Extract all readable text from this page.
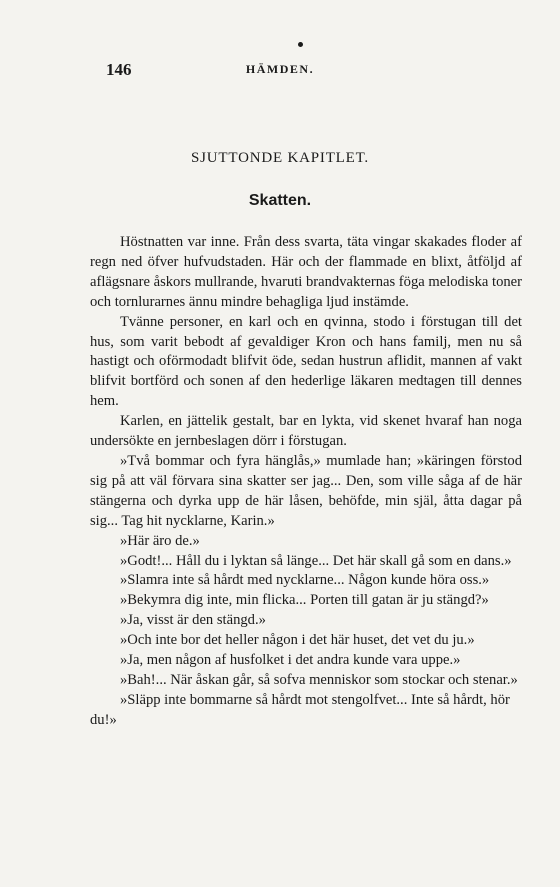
146	HÄMDEN.
SJUTTONDE KAPITLET.
Skatten.

Höstnatten var inne. Från dess svarta, täta vingar skakades floder af regn ned öfver hufvudstaden. Här och der flammade en blixt, åtföljd af aflägsnare åskors mullrande, hvaruti brandvakternas föga melodiska toner och tornlurarnes ännu mindre behagliga ljud instämde.

Tvänne personer, en karl och en qvinna, stodo i förstugan till det hus, som varit bebodt af gevaldiger Kron och hans familj, men nu så hastigt och oförmodadt blifvit öde, sedan hustrun aflidit, mannen af vakt blifvit bortförd och sonen af den hederlige läkaren medtagen till dennes hem.

Karlen, en jättelik gestalt, bar en lykta, vid skenet hvaraf han noga undersökte en jernbeslagen dörr i förstugan.

»Två bommar och fyra hänglås,» mumlade han; »käringen förstod sig på att väl förvara sina skatter ser jag... Den, som ville såga af de här stängerna och dyrka upp de här låsen, behöfde, min själ, åtta dagar på sig... Tag hit nycklarne, Karin.»

»Här äro de.»

»Godt!... Håll du i lyktan så länge... Det här skall gå som en dans.»

»Slamra inte så hårdt med nycklarne... Någon kunde höra oss.»

»Bekymra dig inte, min flicka... Porten till gatan är ju stängd?»

»Ja, visst är den stängd.»

»Och inte bor det heller någon i det här huset, det vet du ju.»

»Ja, men någon af husfolket i det andra kunde vara uppe.»

»Bah!... När åskan går, så sofva menniskor som stockar och stenar.»

»Släpp inte bommarne så hårdt mot stengolfvet... Inte så hårdt, hör du!»
